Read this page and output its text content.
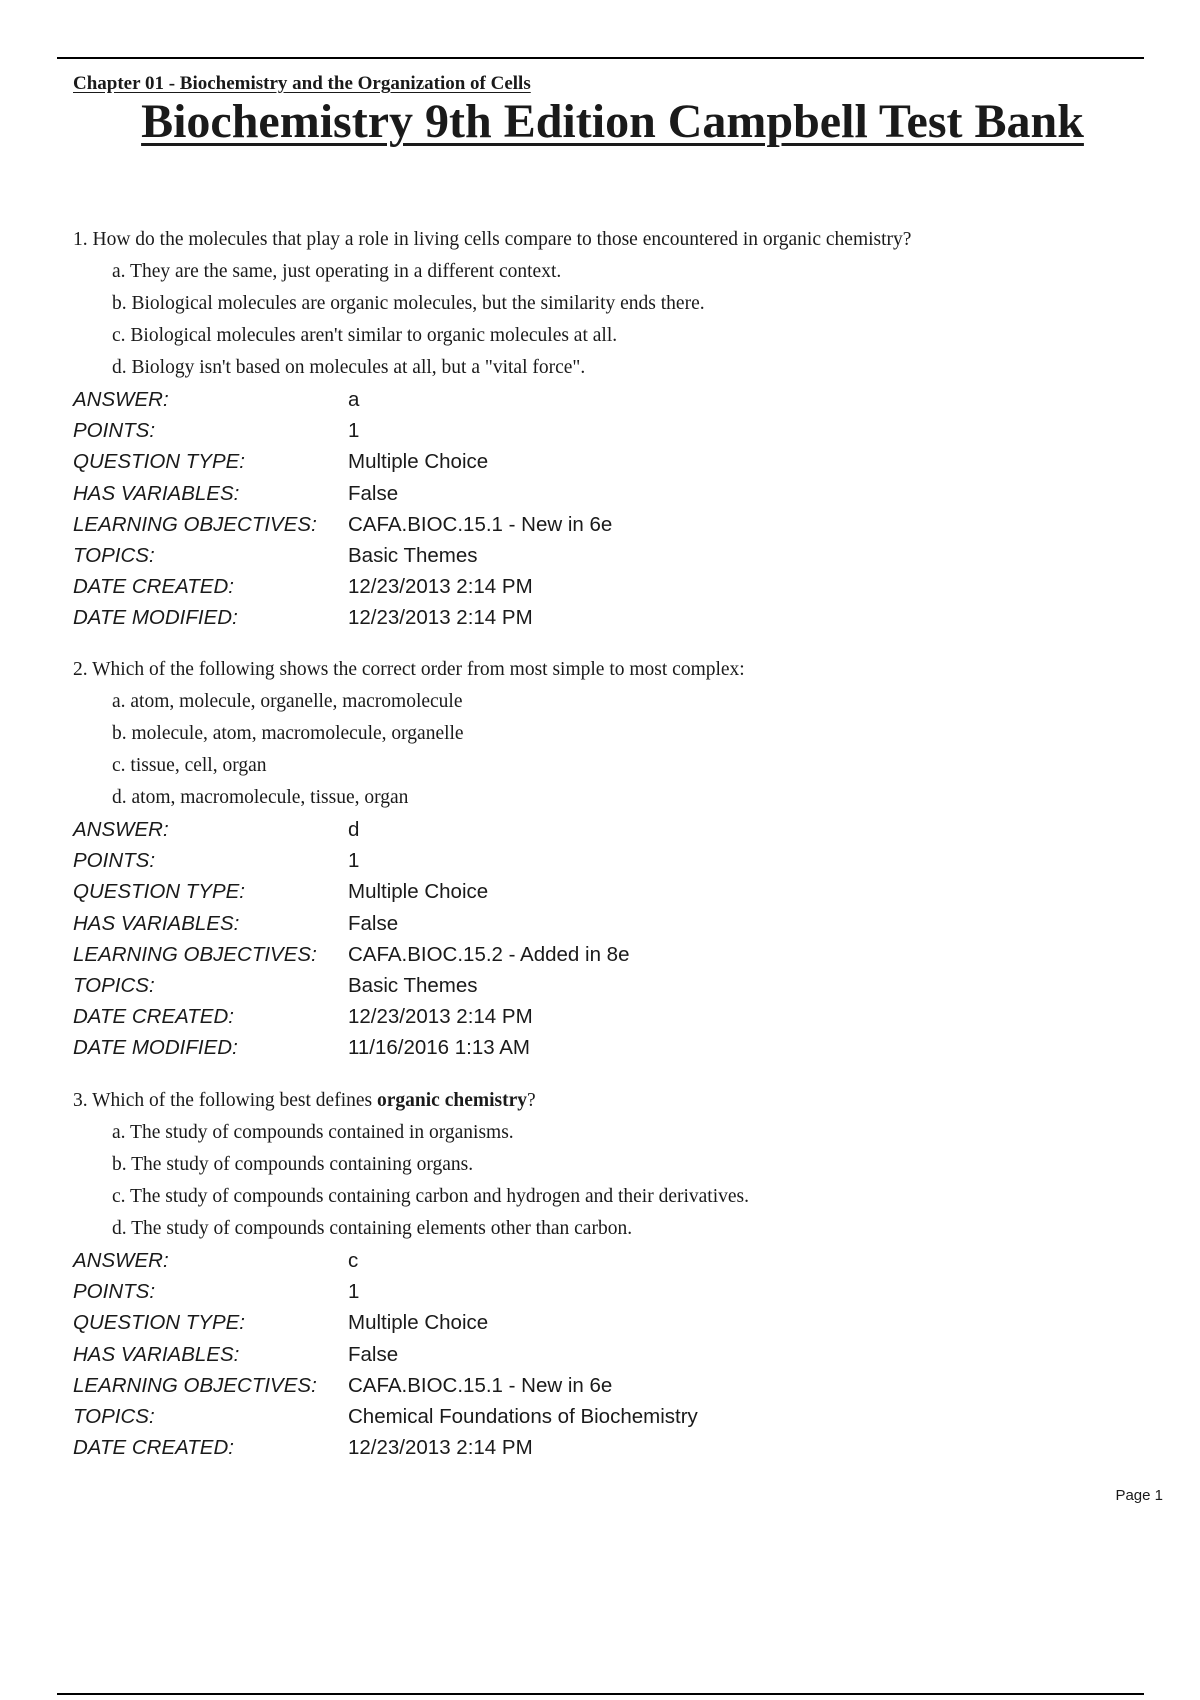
Chapter 01 - Biochemistry and the Organization of Cells
Biochemistry 9th Edition Campbell Test Bank
1. How do the molecules that play a role in living cells compare to those encountered in organic chemistry?
a. They are the same, just operating in a different context.
b. Biological molecules are organic molecules, but the similarity ends there.
c. Biological molecules aren't similar to organic molecules at all.
d. Biology isn't based on molecules at all, but a "vital force".
ANSWER:	a
POINTS:	1
QUESTION TYPE:	Multiple Choice
HAS VARIABLES:	False
LEARNING OBJECTIVES:	CAFA.BIOC.15.1 - New in 6e
TOPICS:	Basic Themes
DATE CREATED:	12/23/2013 2:14 PM
DATE MODIFIED:	12/23/2013 2:14 PM
2. Which of the following shows the correct order from most simple to most complex:
a. atom, molecule, organelle, macromolecule
b. molecule, atom, macromolecule, organelle
c. tissue, cell, organ
d. atom, macromolecule, tissue, organ
ANSWER:	d
POINTS:	1
QUESTION TYPE:	Multiple Choice
HAS VARIABLES:	False
LEARNING OBJECTIVES:	CAFA.BIOC.15.2 - Added in 8e
TOPICS:	Basic Themes
DATE CREATED:	12/23/2013 2:14 PM
DATE MODIFIED:	11/16/2016 1:13 AM
3. Which of the following best defines organic chemistry?
a. The study of compounds contained in organisms.
b. The study of compounds containing organs.
c. The study of compounds containing carbon and hydrogen and their derivatives.
d. The study of compounds containing elements other than carbon.
ANSWER:	c
POINTS:	1
QUESTION TYPE:	Multiple Choice
HAS VARIABLES:	False
LEARNING OBJECTIVES:	CAFA.BIOC.15.1 - New in 6e
TOPICS:	Chemical Foundations of Biochemistry
DATE CREATED:	12/23/2013 2:14 PM
Page 1
